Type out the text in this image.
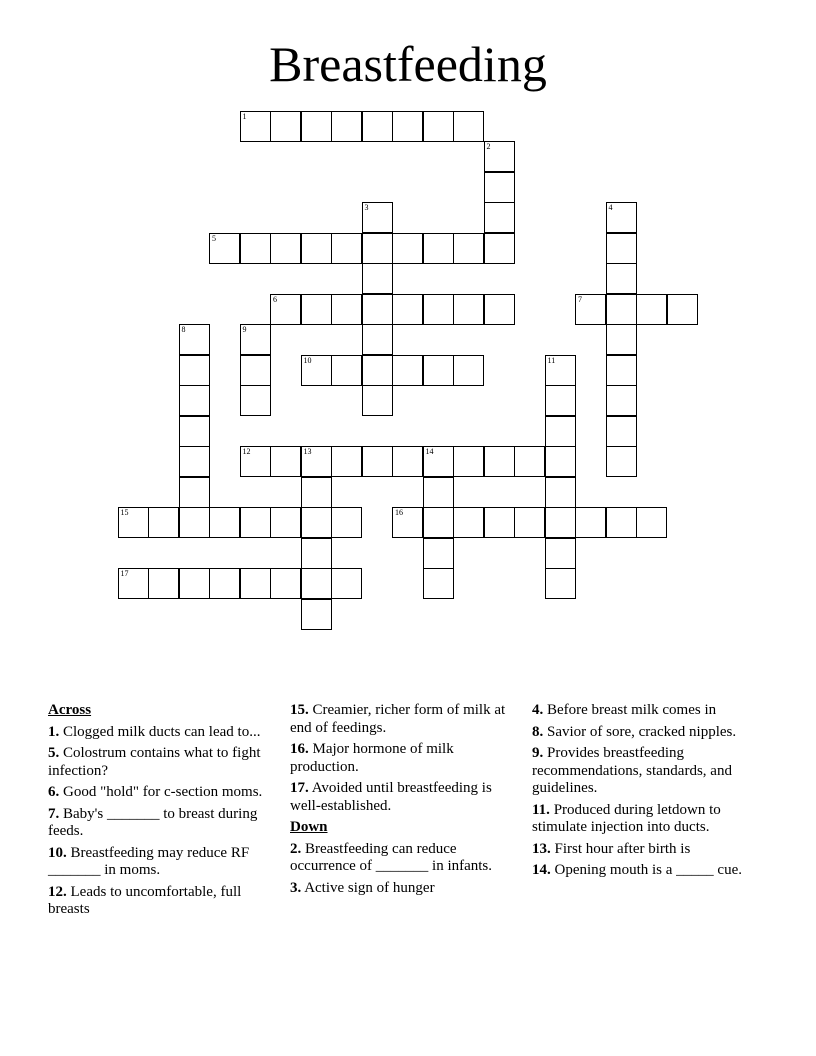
Breastfeeding
1
2
3	4
5
6	7
8	9
10	11
12	13	14
15	16
17
Across
1. Clogged milk ducts can lead to...
5. Colostrum contains what to fight infection?
6. Good "hold" for c-section moms.
7. Baby's _______ to breast during feeds.
10. Breastfeeding may reduce RF _______ in moms.
12. Leads to uncomfortable, full breasts
15. Creamier, richer form of milk at end of feedings.
16. Major hormone of milk production.
17. Avoided until breastfeeding is well-established.
Down
2. Breastfeeding can reduce occurrence of _______ in infants.
3. Active sign of hunger
4. Before breast milk comes in
8. Savior of sore, cracked nipples.
9. Provides breastfeeding recommendations, standards, and guidelines.
11. Produced during letdown to stimulate injection into ducts.
13. First hour after birth is
14. Opening mouth is a _____ cue.
